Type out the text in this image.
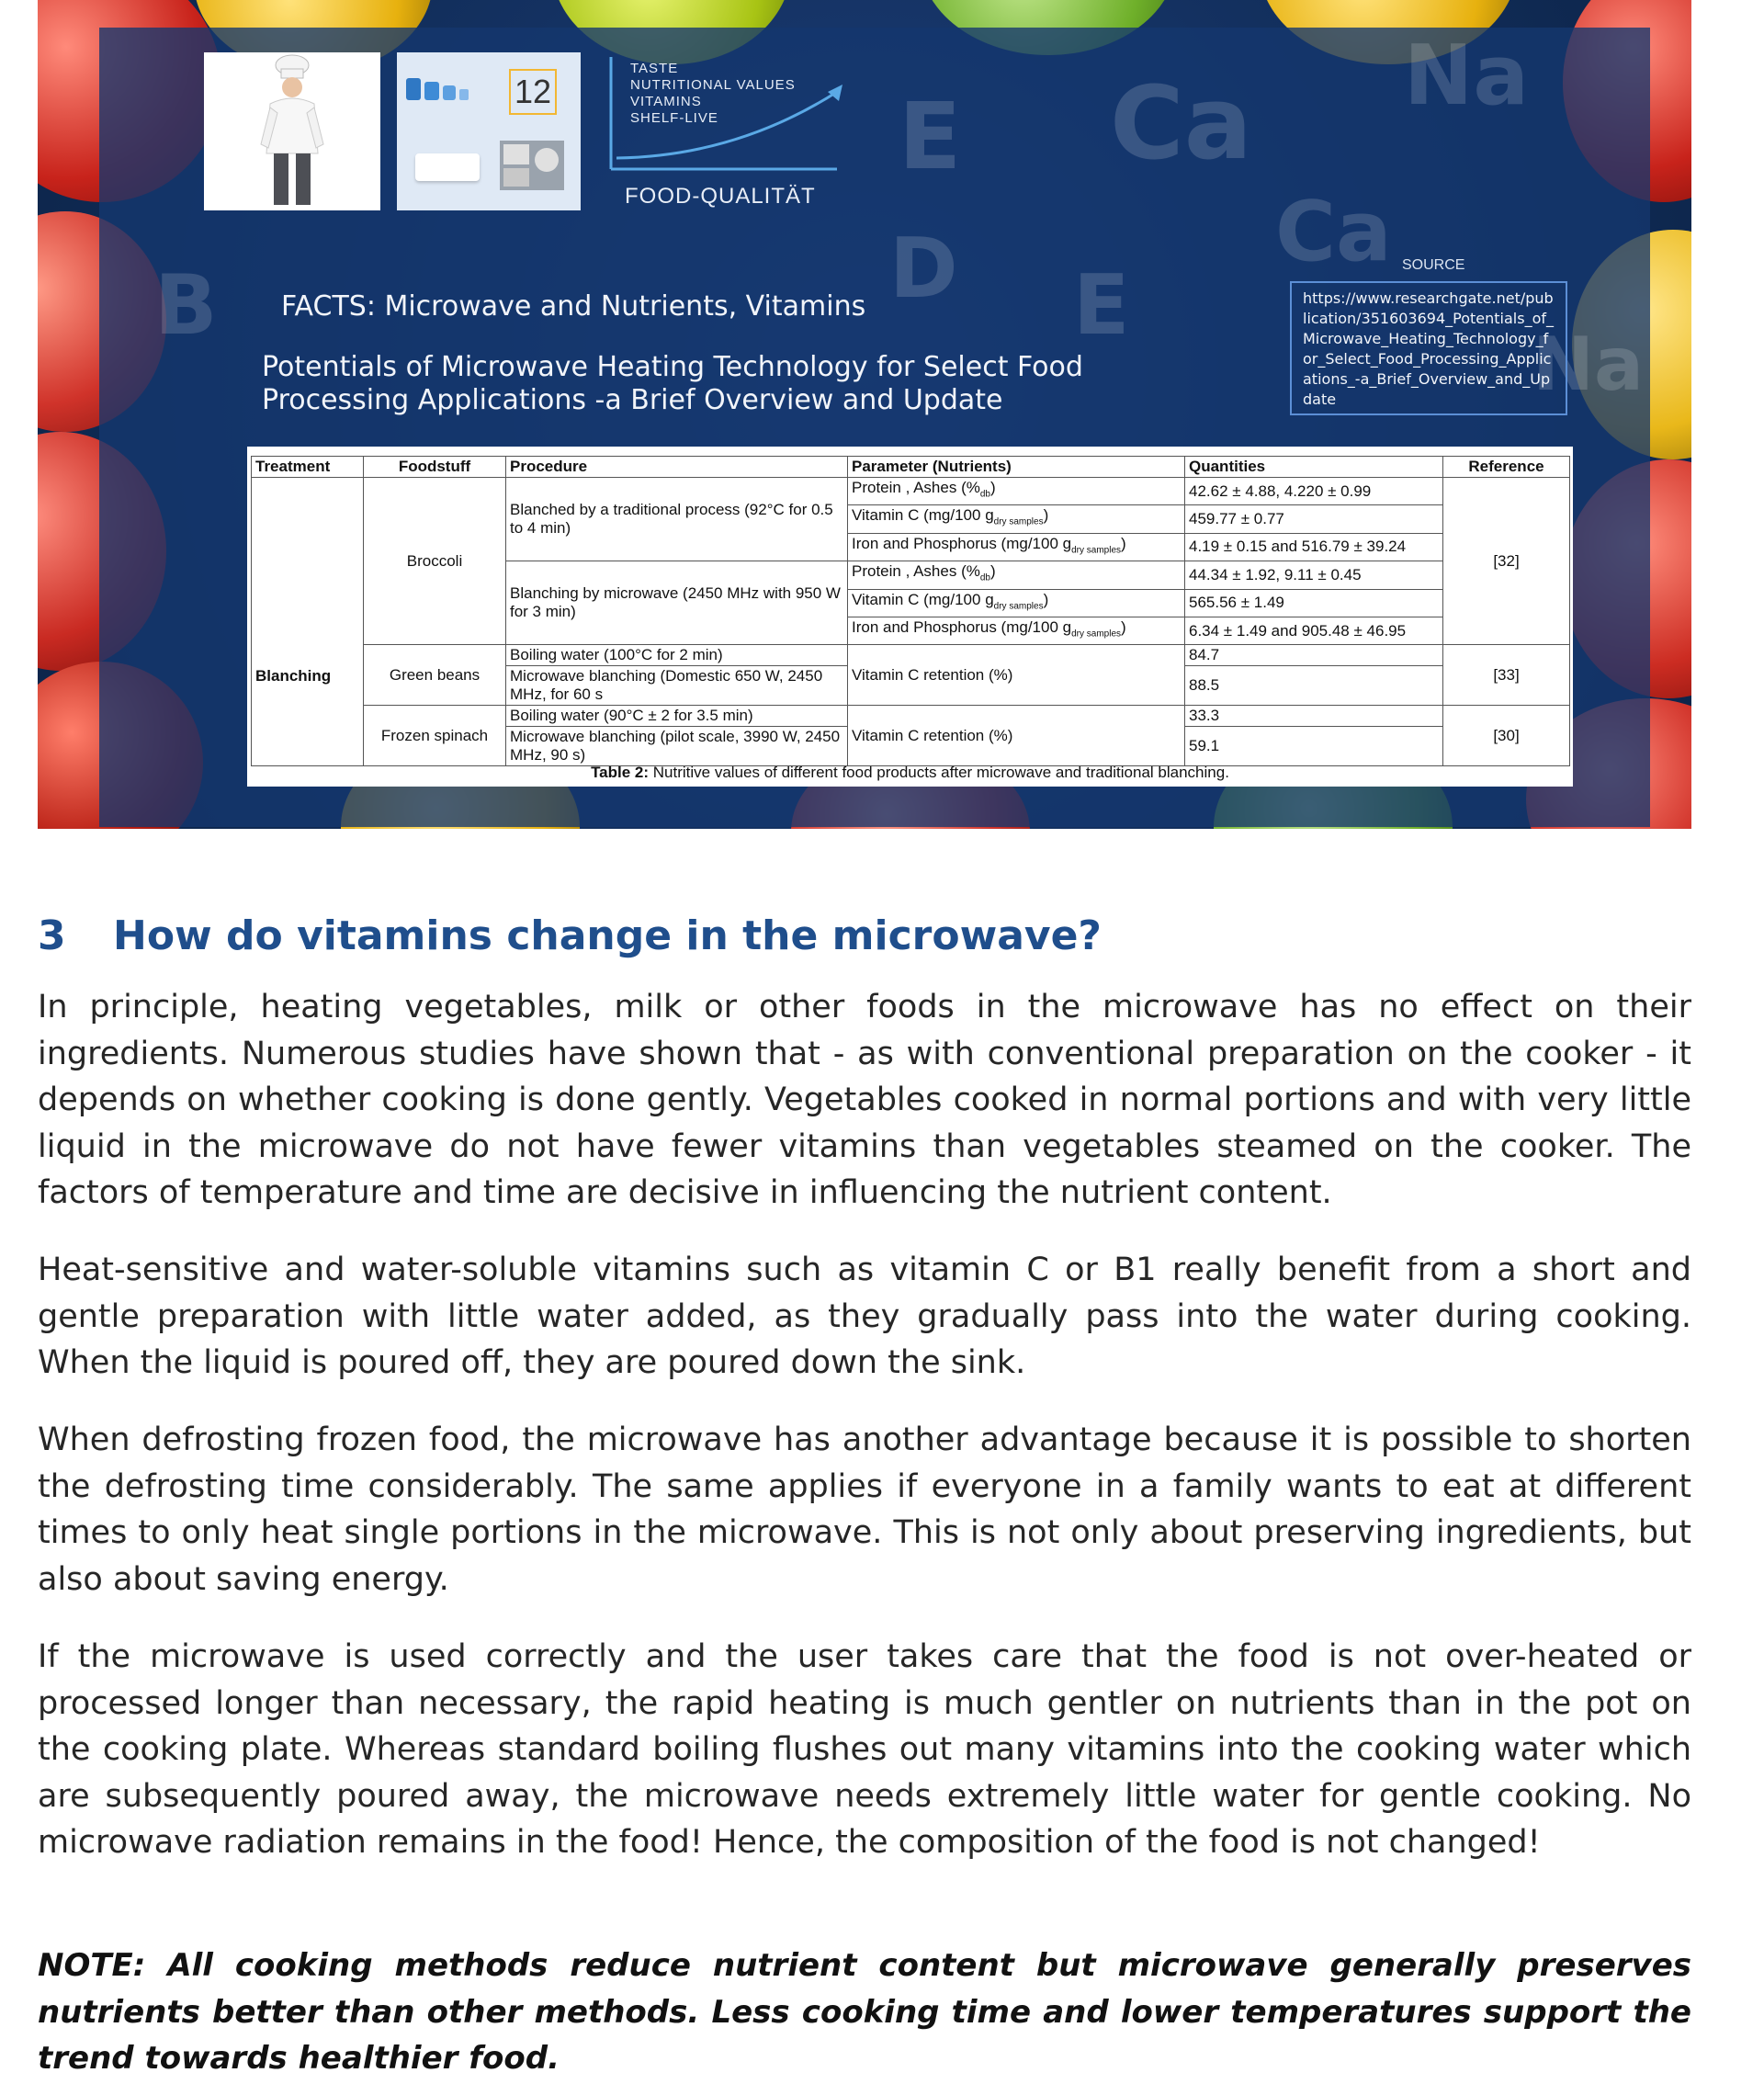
B
E Ca
Ca
D E
Na
Na
12
TASTE
NUTRITIONAL VALUES
VITAMINS
SHELF-LIVE
FOOD-QUALITÄT
FACTS: Microwave and Nutrients, Vitamins
Potentials of Microwave Heating Technology for Select Food Processing Applications -a Brief Overview and Update
SOURCE
https://www.researchgate.net/publication/351603694_Potentials_of_Microwave_Heating_Technology_for_Select_Food_Processing_Applications_-a_Brief_Overview_and_Update
Treatment	Foodstuff	Procedure	Parameter (Nutrients)	Quantities	Reference
Blanching	Broccoli	Blanched by a traditional process (92°C for 0.5 to 4 min)	Protein , Ashes $(\%_{db})$	42.62 ± 4.88, 4.220 ± 0.99	[32]
			Vitamin C (mg/100 $g_{dry samples}$)	459.77 ± 0.77	
			Iron and Phosphorus (mg/100 $g_{dry samples}$)	4.19 ± 0.15 and 516.79 ± 39.24	
		Blanching by microwave (2450 MHz with 950 W for 3 min)	Protein , Ashes $(\%_{db})$	44.34 ± 1.92, 9.11 ± 0.45	
			Vitamin C (mg/100 $g_{dry samples}$)	565.56 ± 1.49	
			Iron and Phosphorus (mg/100 $g_{dry samples}$)	6.34 ± 1.49 and 905.48 ± 46.95	
	Green beans	Boiling water (100°C for 2 min)	Vitamin C retention (%)	84.7	[33]
		Microwave blanching (Domestic 650 W, 2450 MHz, for 60 s		88.5	
	Frozen spinach	Boiling water (90°C ± 2 for 3.5 min)	Vitamin C retention (%)	33.3	[30]
		Microwave blanching (pilot scale, 3990 W, 2450 MHz, 90 s)		59.1	
Table 2: Nutritive values of different food products after microwave and traditional blanching.
3 How do vitamins change in the microwave?

In principle, heating vegetables, milk or other foods in the microwave has no effect on their ingredients. Numerous studies have shown that - as with conventional preparation on the cooker - it depends on whether cooking is done gently. Vegetables cooked in normal portions and with very little liquid in the microwave do not have fewer vitamins than vegetables steamed on the cooker. The factors of temperature and time are decisive in influencing the nutrient content.

Heat-sensitive and water-soluble vitamins such as vitamin C or B1 really benefit from a short and gentle preparation with little water added, as they gradually pass into the water during cooking. When the liquid is poured off, they are poured down the sink.

When defrosting frozen food, the microwave has another advantage because it is possible to shorten the defrosting time considerably. The same applies if everyone in a family wants to eat at different times to only heat single portions in the microwave. This is not only about preserving ingredients, but also about saving energy.

If the microwave is used correctly and the user takes care that the food is not over-heated or processed longer than necessary, the rapid heating is much gentler on nutrients than in the pot on the cooking plate. Whereas standard boiling flushes out many vitamins into the cooking water which are subsequently poured away, the microwave needs extremely little water for gentle cooking. No microwave radiation remains in the food! Hence, the composition of the food is not changed!

NOTE: All cooking methods reduce nutrient content but microwave generally preserves nutrients better than other methods. Less cooking time and lower temperatures support the trend towards healthier food.
